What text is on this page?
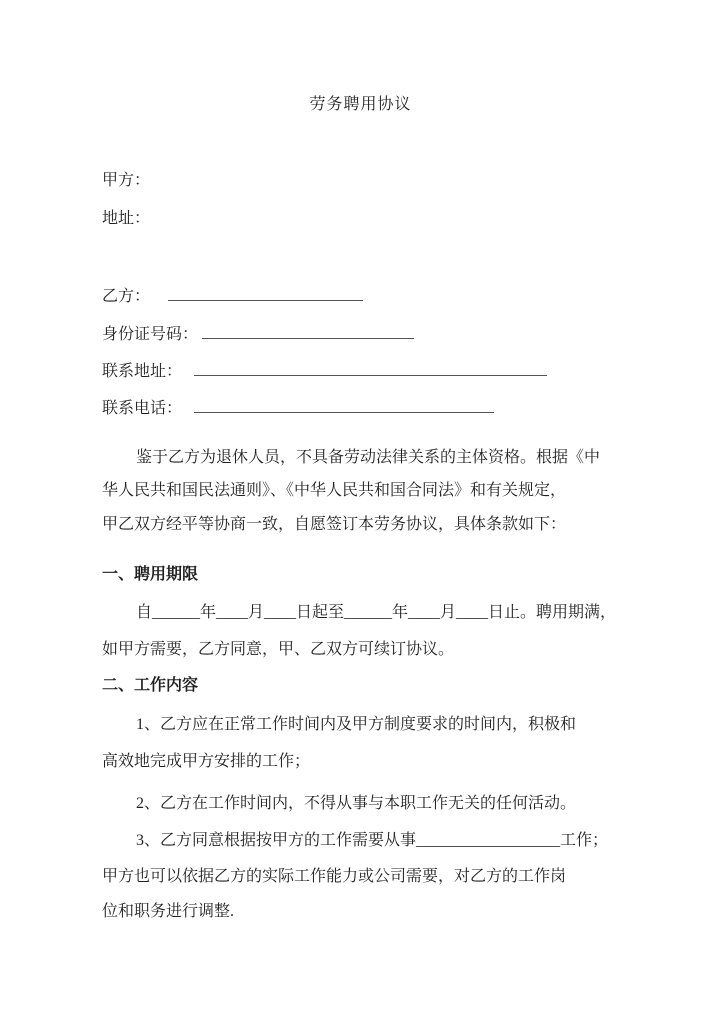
劳务聘用协议
甲方：
地址：
乙方：
身份证号码：
联系地址：
联系电话：
鉴于乙方为退休人员，不具备劳动法律关系的主体资格。根据《中
华人民共和国民法通则》、《中华人民共和国合同法》和有关规定，
甲乙双方经平等协商一致，自愿签订本劳务协议，具体条款如下：
一、聘用期限
自______年____月____日起至______年____月____日止。聘用期满，
如甲方需要，乙方同意，甲、乙双方可续订协议。
二、工作内容
1、乙方应在正常工作时间内及甲方制度要求的时间内，积极和
高效地完成甲方安排的工作；
2、乙方在工作时间内，不得从事与本职工作无关的任何活动。
3、乙方同意根据按甲方的工作需要从事__________________工作；
甲方也可以依据乙方的实际工作能力或公司需要，对乙方的工作岗
位和职务进行调整.
